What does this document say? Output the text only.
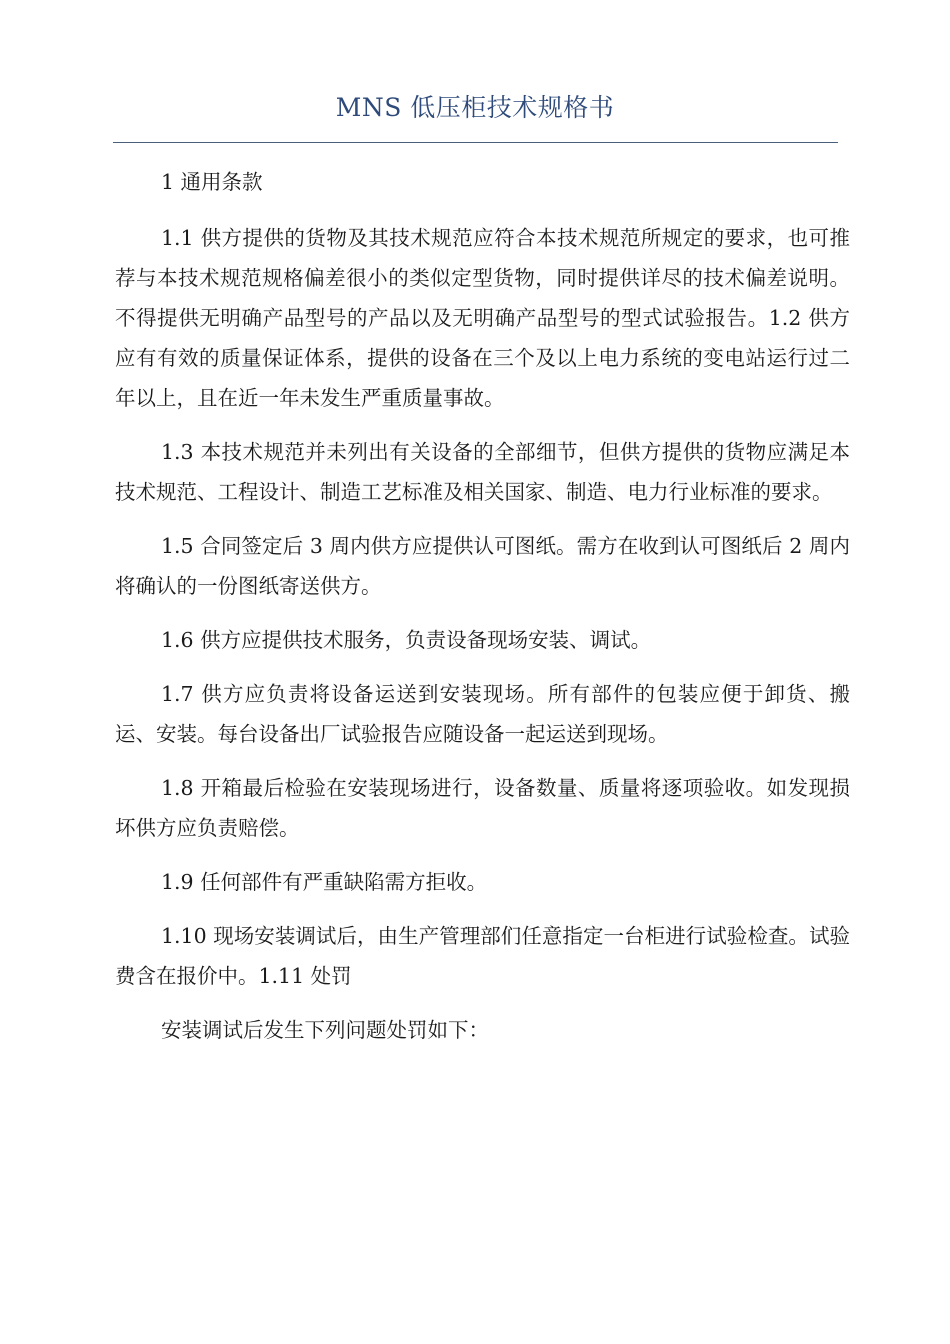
MNS 低压柜技术规格书

1 通用条款

1.1 供方提供的货物及其技术规范应符合本技术规范所规定的要求，也可推荐与本技术规范规格偏差很小的类似定型货物，同时提供详尽的技术偏差说明。不得提供无明确产品型号的产品以及无明确产品型号的型式试验报告。1.2 供方应有有效的质量保证体系，提供的设备在三个及以上电力系统的变电站运行过二年以上，且在近一年未发生严重质量事故。

1.3 本技术规范并未列出有关设备的全部细节，但供方提供的货物应满足本技术规范、工程设计、制造工艺标准及相关国家、制造、电力行业标准的要求。

1.5 合同签定后 3 周内供方应提供认可图纸。需方在收到认可图纸后 2 周内将确认的一份图纸寄送供方。

1.6 供方应提供技术服务，负责设备现场安装、调试。

1.7 供方应负责将设备运送到安装现场。所有部件的包装应便于卸货、搬运、安装。每台设备出厂试验报告应随设备一起运送到现场。

1.8 开箱最后检验在安装现场进行，设备数量、质量将逐项验收。如发现损坏供方应负责赔偿。

1.9 任何部件有严重缺陷需方拒收。

1.10 现场安装调试后，由生产管理部们任意指定一台柜进行试验检查。试验费含在报价中。1.11 处罚

安装调试后发生下列问题处罚如下：
